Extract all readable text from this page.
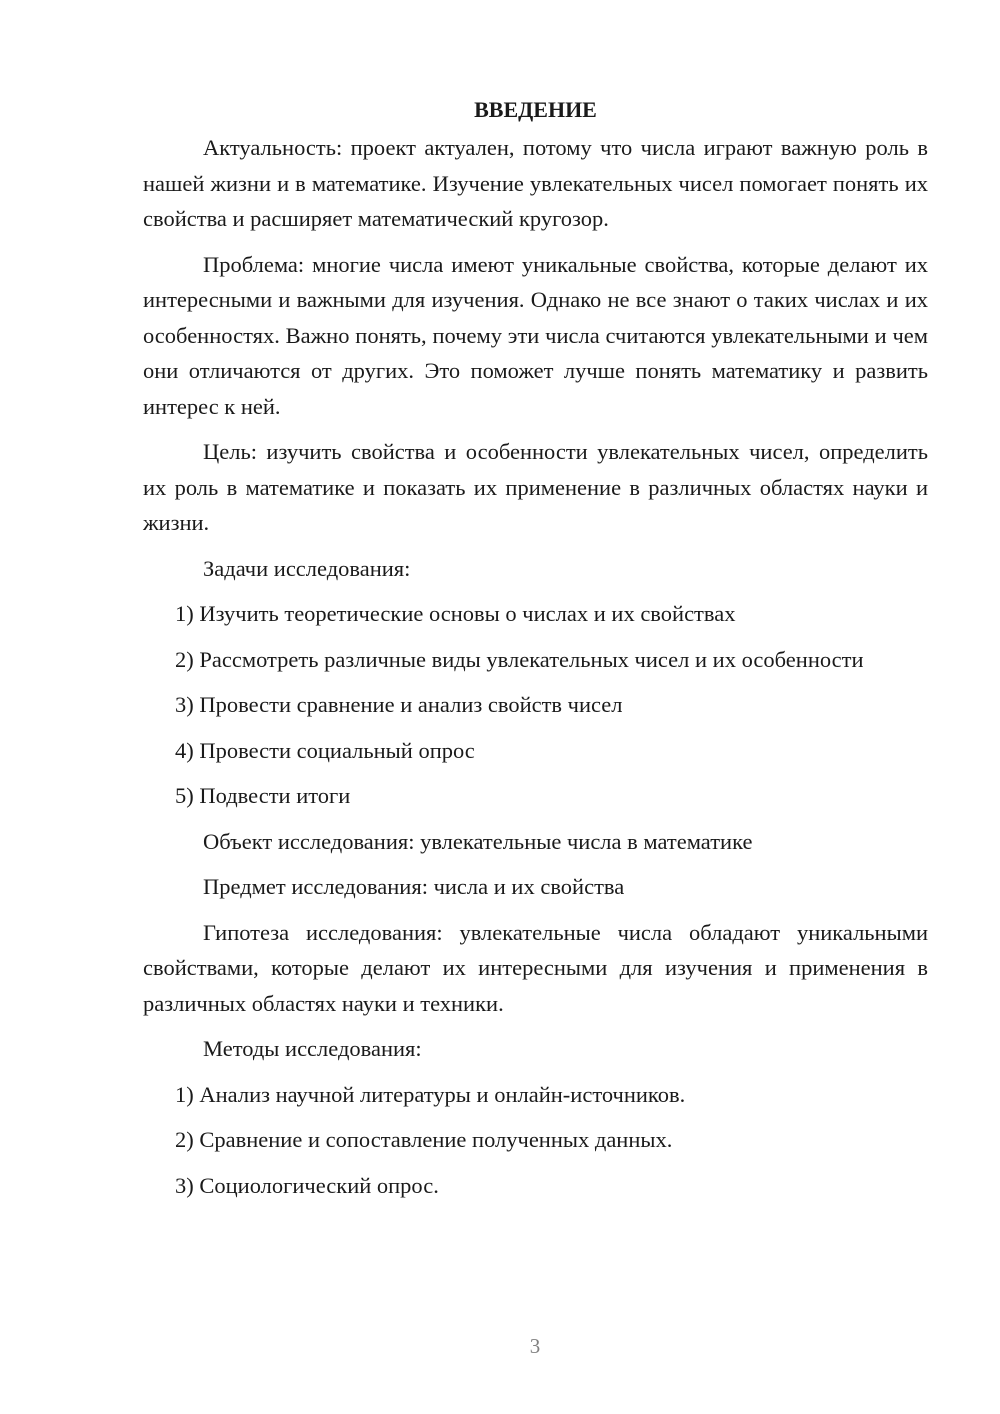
ВВЕДЕНИЕ

Актуальность: проект актуален, потому что числа играют важную роль в нашей жизни и в математике. Изучение увлекательных чисел помогает понять их свойства и расширяет математический кругозор.

Проблема: многие числа имеют уникальные свойства, которые делают их интересными и важными для изучения. Однако не все знают о таких числах и их особенностях. Важно понять, почему эти числа считаются увлекательными и чем они отличаются от других. Это поможет лучше понять математику и развить интерес к ней.

Цель: изучить свойства и особенности увлекательных чисел, определить их роль в математике и показать их применение в различных областях науки и жизни.

Задачи исследования:
1) Изучить теоретические основы о числах и их свойствах
2) Рассмотреть различные виды увлекательных чисел и их особенности
3) Провести сравнение и анализ свойств чисел
4) Провести социальный опрос
5) Подвести итоги
Объект исследования: увлекательные числа в математике
Предмет исследования: числа и их свойства

Гипотеза исследования: увлекательные числа обладают уникальными свойствами, которые делают их интересными для изучения и применения в различных областях науки и техники.

Методы исследования:
1) Анализ научной литературы и онлайн-источников.
2) Сравнение и сопоставление полученных данных.
3) Социологический опрос.
3
